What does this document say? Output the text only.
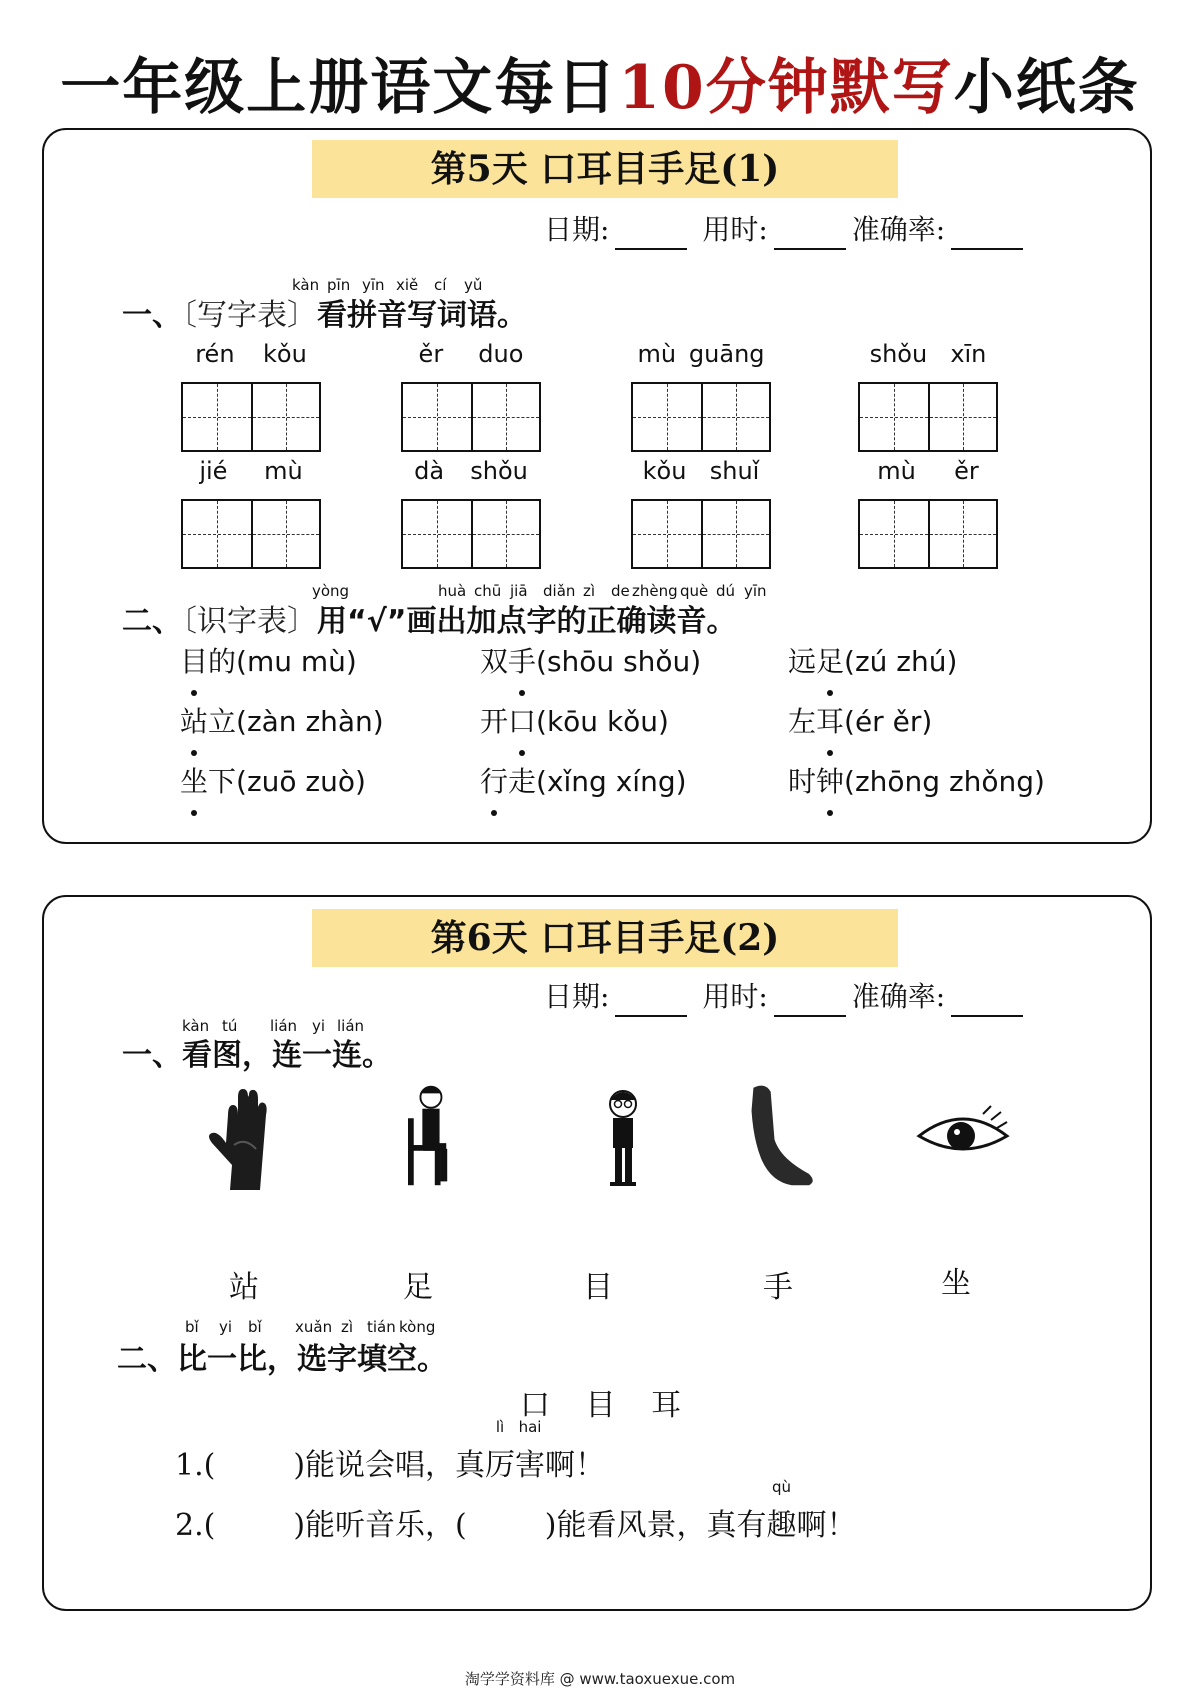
一年级上册语文每日10分钟默写小纸条
第5天 口耳目手足(1)
日期:	用时:	准确率:
kàn pīn yīn xiě cí yǔ
一、〔写字表〕看拼音写词语。
rén kǒu	ěr duo	mù guāng	shǒu xīn
jié mù	dà shǒu	kǒu shuǐ	mù ěr
yòng	huà chū jiā diǎn zì de zhèng què dú yīn
二、〔识字表〕用“√”画出加点字的正确读音。
目的(mu mù)	双手(shōu shǒu)	远足(zú zhú)
站立(zàn zhàn)	开口(kōu kǒu)	左耳(ér ěr)
坐下(zuō zuò)	行走(xǐng xíng)	时钟(zhōng zhǒng)
第6天 口耳目手足(2)
日期:	用时:	准确率:
kàn tú lián yi lián
一、看图，连一连。
站	足	目	手	坐
bǐ yi bǐ xuǎn zì tián kòng
二、比一比，选字填空。
口 目 耳
1.(	)能说会唱，真
lì
厉
hai
害啊！
2.(	)能听音乐，(	)能看风景，真有
qù
趣啊！
淘学学资料库 @ www.taoxuexue.com
